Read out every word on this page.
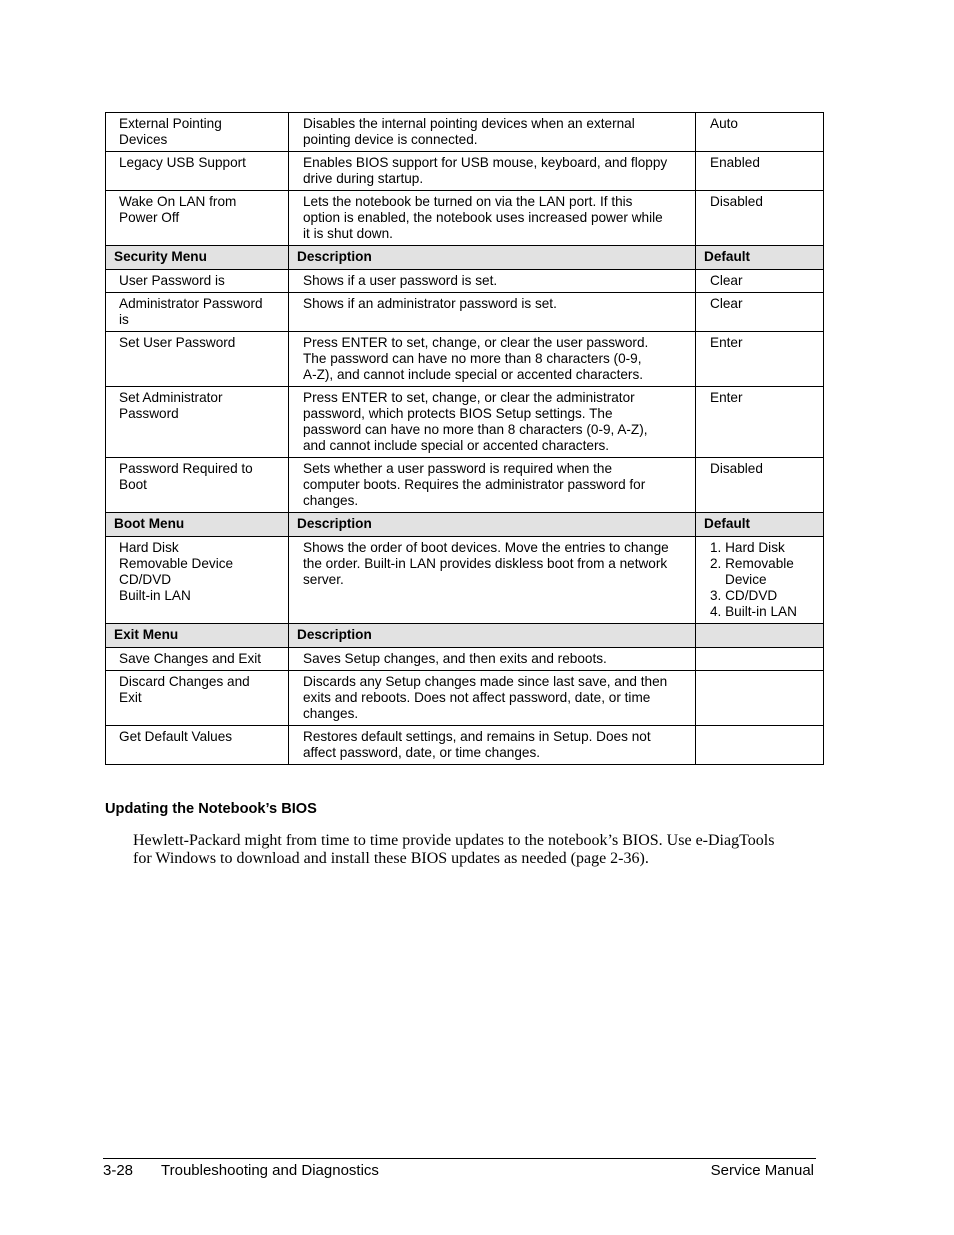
External Pointing
Devices	Disables the internal pointing devices when an external
pointing device is connected.	Auto

Legacy USB Support	Enables BIOS support for USB mouse, keyboard, and floppy
drive during startup.	Enabled

Wake On LAN from
Power Off	Lets the notebook be turned on via the LAN port. If this
option is enabled, the notebook uses increased power while
it is shut down.	Disabled

Security Menu	Description	Default

User Password is	Shows if a user password is set.	Clear

Administrator Password
is	Shows if an administrator password is set.	Clear

Set User Password	Press ENTER to set, change, or clear the user password.
The password can have no more than 8 characters (0-9,
A-Z), and cannot include special or accented characters.	Enter

Set Administrator
Password	Press ENTER to set, change, or clear the administrator
password, which protects BIOS Setup settings. The
password can have no more than 8 characters (0-9, A-Z),
and cannot include special or accented characters.	Enter

Password Required to
Boot	Sets whether a user password is required when the
computer boots. Requires the administrator password for
changes.	Disabled

Boot Menu	Description	Default

Hard Disk
Removable Device
CD/DVD
Built-in LAN	Shows the order of boot devices. Move the entries to change
the order. Built-in LAN provides diskless boot from a network
server.	1. Hard Disk
2. Removable
Device
3. CD/DVD
4. Built-in LAN

Exit Menu	Description	

Save Changes and Exit	Saves Setup changes, and then exits and reboots.	

Discard Changes and
Exit	Discards any Setup changes made since last save, and then
exits and reboots. Does not affect password, date, or time
changes.	

Get Default Values	Restores default settings, and remains in Setup. Does not
affect password, date, or time changes.	

Updating the Notebook’s BIOS

Hewlett-Packard might from time to time provide updates to the notebook’s BIOS. Use e-DiagTools
for Windows to download and install these BIOS updates as needed (page 2-36).

3-28 Troubleshooting and Diagnostics	Service Manual
